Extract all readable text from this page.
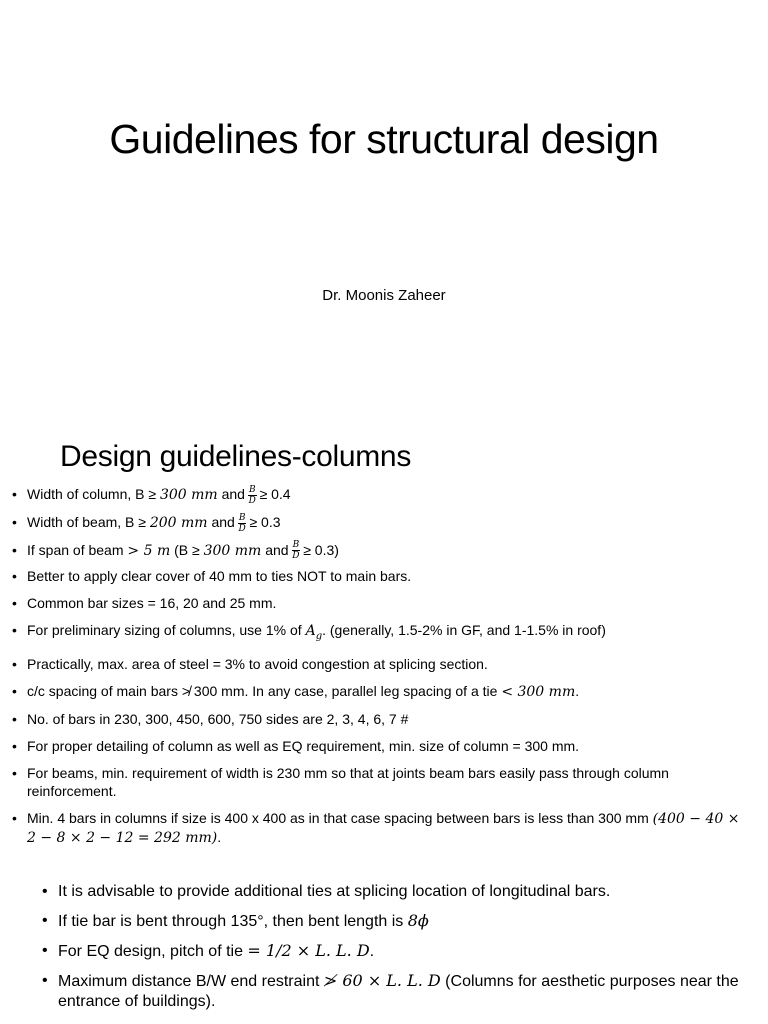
Guidelines for structural design
Dr. Moonis Zaheer
Design guidelines-columns
• Width of column, B ≥ 300 mm and $\frac{B}{D} \ge 0.4$
• Width of beam, B ≥ 200 mm and $\frac{B}{D} \ge 0.3$
• If span of beam > 5 m (B ≥ 300 mm and $\frac{B}{D} \ge 0.3$)
• Better to apply clear cover of 40 mm to ties NOT to main bars.
• Common bar sizes = 16, 20 and 25 mm.
• For preliminary sizing of columns, use 1% of $A_g$. (generally, 1.5-2% in GF, and 1-1.5% in roof)
• Practically, max. area of steel = 3% to avoid congestion at splicing section.
• c/c spacing of main bars ≯ 300 mm. In any case, parallel leg spacing of a tie < 300 mm.
• No. of bars in 230, 300, 450, 600, 750 sides are 2, 3, 4, 6, 7 #
• For proper detailing of column as well as EQ requirement, min. size of column = 300 mm.
• For beams, min. requirement of width is 230 mm so that at joints beam bars easily pass through column reinforcement.
• Min. 4 bars in columns if size is 400 x 400 as in that case spacing between bars is less than 300 mm (400 − 40 × 2 − 8 × 2 − 12 = 292 mm).
• It is advisable to provide additional ties at splicing location of longitudinal bars.
• If tie bar is bent through 135°, then bent length is 8ϕ
• For EQ design, pitch of tie = 1/2 × L. L. D.
• Maximum distance B/W end restraint ≯ 60 × L. L. D (Columns for aesthetic purposes near the entrance of buildings).
